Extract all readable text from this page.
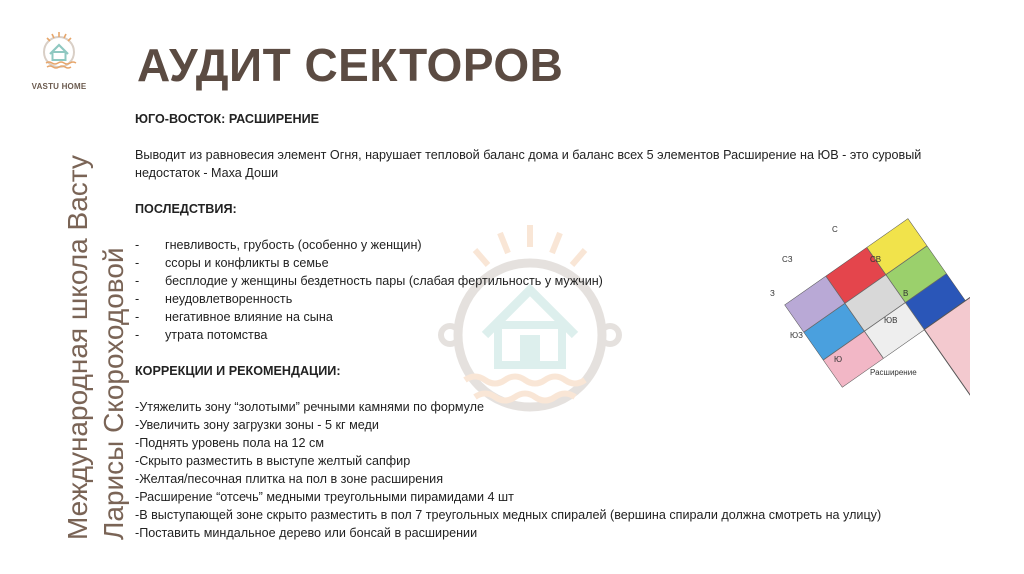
VASTU HOME
Международная школа Васту Ларисы Скороходовой
АУДИТ СЕКТОРОВ

ЮГО-ВОСТОК: РАСШИРЕНИЕ

Выводит из равновесия элемент Огня, нарушает тепловой баланс дома и баланс всех 5 элементов Расширение на ЮВ - это суровый недостаток - Маха Доши

ПОСЛЕДСТВИЯ:

- гневливость, грубость (особенно у женщин)
- ссоры и конфликты в семье
- бесплодие у женщины бездетность пары (слабая фертильность у мужчин)
- неудовлетворенность
- негативное влияние на сына
- утрата потомства

КОРРЕКЦИИ И РЕКОМЕНДАЦИИ:

-Утяжелить зону “золотыми” речными камнями по формуле

-Увеличить зону загрузки зоны - 5 кг меди

-Поднять уровень пола на 12 см

-Скрыто разместить в выступе желтый сапфир

-Желтая/песочная плитка на пол в зоне расширения

-Расширение “отсечь” медными треугольными пирамидами 4 шт

-В выступающей зоне скрыто разместить в пол 7 треугольных медных спиралей (вершина спирали должна смотреть на улицу)

-Поставить миндальное дерево или бонсай в расширении

С
СВ
В
ЮВ
Ю
ЮЗ
З
СЗ
Расширение
